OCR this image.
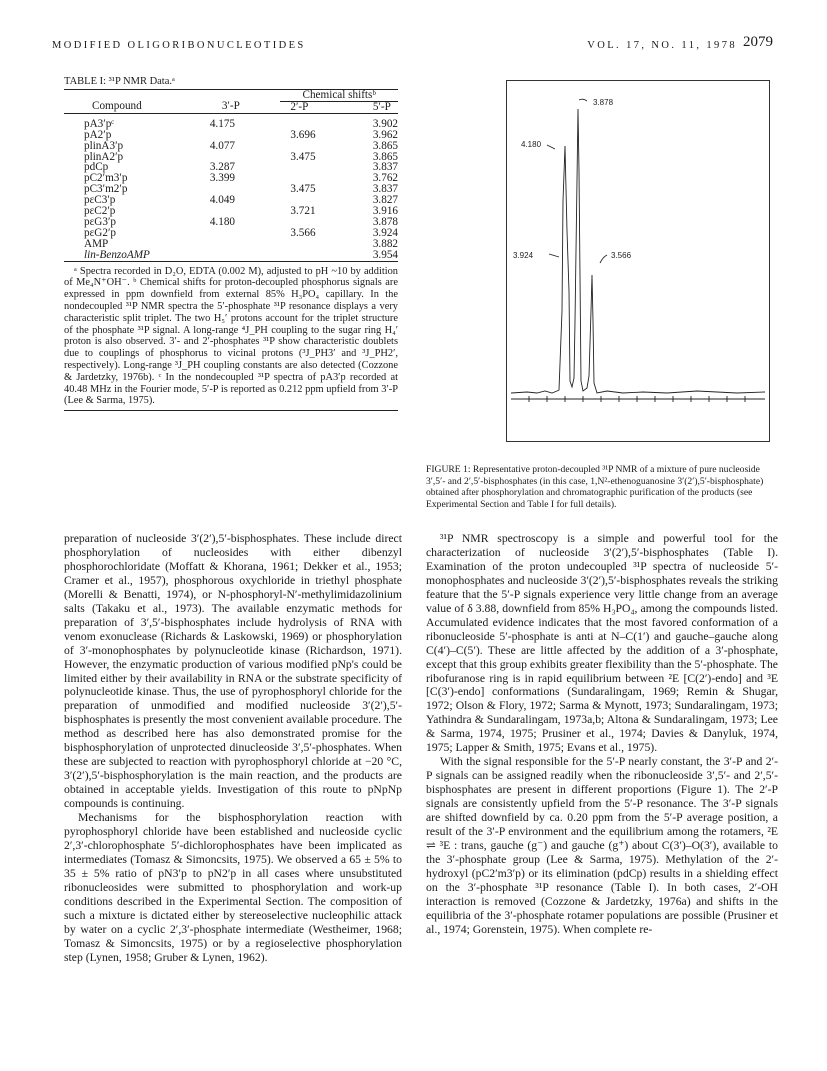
MODIFIED OLIGORIBONUCLEOTIDES	VOL. 17, NO. 11, 1978 2079
TABLE I: ³¹P NMR Data.ᵃ
		Chemical shiftsᵇ	
Compound	3′-P	2′-P	5′-P

pA3′pᶜ	4.175		3.902
pA2′p		3.696	3.962
plinA3′p	4.077		3.865
plinA2′p		3.475	3.865
pdCp	3.287		3.837
pC2′m3′p	3.399		3.762
pC3′m2′p		3.475	3.837
pεC3′p	4.049		3.827
pεC2′p		3.721	3.916
pεG3′p	4.180		3.878
pεG2′p		3.566	3.924
AMP			3.882
lin-BenzoAMP			3.954

ᵃ Spectra recorded in D₂O, EDTA (0.002 M), adjusted to pH ~10 by addition of Me₄N⁺OH⁻. ᵇ Chemical shifts for proton-decoupled phosphorus signals are expressed in ppm downfield from external 85% H₃PO₄ capillary. In the nondecoupled ³¹P NMR spectra the 5′-phosphate ³¹P resonance displays a very characteristic split triplet. The two H₅′ protons account for the triplet structure of the phosphate ³¹P signal. A long-range ⁴J_PH coupling to the sugar ring H₄′ proton is also observed. 3′- and 2′-phosphates ³¹P show characteristic doublets due to couplings of phosphorus to vicinal protons (³J_PH3′ and ³J_PH2′, respectively). Long-range ³J_PH coupling constants are also detected (Cozzone & Jardetzky, 1976b). ᶜ In the nondecoupled ³¹P spectra of pA3′p recorded at 40.48 MHz in the Fourier mode, 5′-P is reported as 0.212 ppm upfield from 3′-P (Lee & Sarma, 1975).

3.878
4.180
3.924	3.566
FIGURE 1: Representative proton-decoupled ³¹P NMR of a mixture of pure nucleoside 3′,5′- and 2′,5′-bisphosphates (in this case, 1,N²-ethenoguanosine 3′(2′),5′-bisphosphate) obtained after phosphorylation and chromatographic purification of the products (see Experimental Section and Table I for full details).

preparation of nucleoside 3′(2′),5′-bisphosphates. These include direct phosphorylation of nucleosides with either dibenzyl phosphorochloridate (Moffatt & Khorana, 1961; Dekker et al., 1953; Cramer et al., 1957), phosphorous oxychloride in triethyl phosphate (Morelli & Benatti, 1974), or N-phosphoryl-N′-methylimidazolinium salts (Takaku et al., 1973). The available enzymatic methods for preparation of 3′,5′-bisphosphates include hydrolysis of RNA with venom exonuclease (Richards & Laskowski, 1969) or phosphorylation of 3′-monophosphates by polynucleotide kinase (Richardson, 1971). However, the enzymatic production of various modified pNp's could be limited either by their availability in RNA or the substrate specificity of polynucleotide kinase. Thus, the use of pyrophosphoryl chloride for the preparation of unmodified and modified nucleoside 3′(2′),5′-bisphosphates is presently the most convenient available procedure. The method as described here has also demonstrated promise for the bisphosphorylation of unprotected dinucleoside 3′,5′-phosphates. When these are subjected to reaction with pyrophosphoryl chloride at −20 °C, 3′(2′),5′-bisphosphorylation is the main reaction, and the products are obtained in acceptable yields. Investigation of this route to pNpNp compounds is continuing.

Mechanisms for the bisphosphorylation reaction with pyrophosphoryl chloride have been established and nucleoside cyclic 2′,3′-chlorophosphate 5′-dichlorophosphates have been implicated as intermediates (Tomasz & Simoncsits, 1975). We observed a 65 ± 5% to 35 ± 5% ratio of pN3′p to pN2′p in all cases where unsubstituted ribonucleosides were submitted to phosphorylation and work-up conditions described in the Experimental Section. The composition of such a mixture is dictated either by stereoselective nucleophilic attack by water on a cyclic 2′,3′-phosphate intermediate (Westheimer, 1968; Tomasz & Simoncsits, 1975) or by a regioselective phosphorylation step (Lynen, 1958; Gruber & Lynen, 1962).

³¹P NMR spectroscopy is a simple and powerful tool for the characterization of nucleoside 3′(2′),5′-bisphosphates (Table I). Examination of the proton undecoupled ³¹P spectra of nucleoside 5′-monophosphates and nucleoside 3′(2′),5′-bisphosphates reveals the striking feature that the 5′-P signals experience very little change from an average value of δ 3.88, downfield from 85% H₃PO₄, among the compounds listed. Accumulated evidence indicates that the most favored conformation of a ribonucleoside 5′-phosphate is anti at N–C(1′) and gauche–gauche along C(4′)–C(5′). These are little affected by the addition of a 3′-phosphate, except that this group exhibits greater flexibility than the 5′-phosphate. The ribofuranose ring is in rapid equilibrium between ²E [C(2′)-endo] and ³E [C(3′)-endo] conformations (Sundaralingam, 1969; Remin & Shugar, 1972; Olson & Flory, 1972; Sarma & Mynott, 1973; Sundaralingam, 1973; Yathindra & Sundaralingam, 1973a,b; Altona & Sundaralingam, 1973; Lee & Sarma, 1974, 1975; Prusiner et al., 1974; Davies & Danyluk, 1974, 1975; Lapper & Smith, 1975; Evans et al., 1975).

With the signal responsible for the 5′-P nearly constant, the 3′-P and 2′-P signals can be assigned readily when the ribonucleoside 3′,5′- and 2′,5′-bisphosphates are present in different proportions (Figure 1). The 2′-P signals are consistently upfield from the 5′-P resonance. The 3′-P signals are shifted downfield by ca. 0.20 ppm from the 5′-P average position, a result of the 3′-P environment and the equilibrium among the rotamers, ²E ⇌ ³E : trans, gauche (g⁻) and gauche (g⁺) about C(3′)–O(3′), available to the 3′-phosphate group (Lee & Sarma, 1975). Methylation of the 2′-hydroxyl (pC2′m3′p) or its elimination (pdCp) results in a shielding effect on the 3′-phosphate ³¹P resonance (Table I). In both cases, 2′-OH interaction is removed (Cozzone & Jardetzky, 1976a) and shifts in the equilibria of the 3′-phosphate rotamer populations are possible (Prusiner et al., 1974; Gorenstein, 1975). When complete re-
